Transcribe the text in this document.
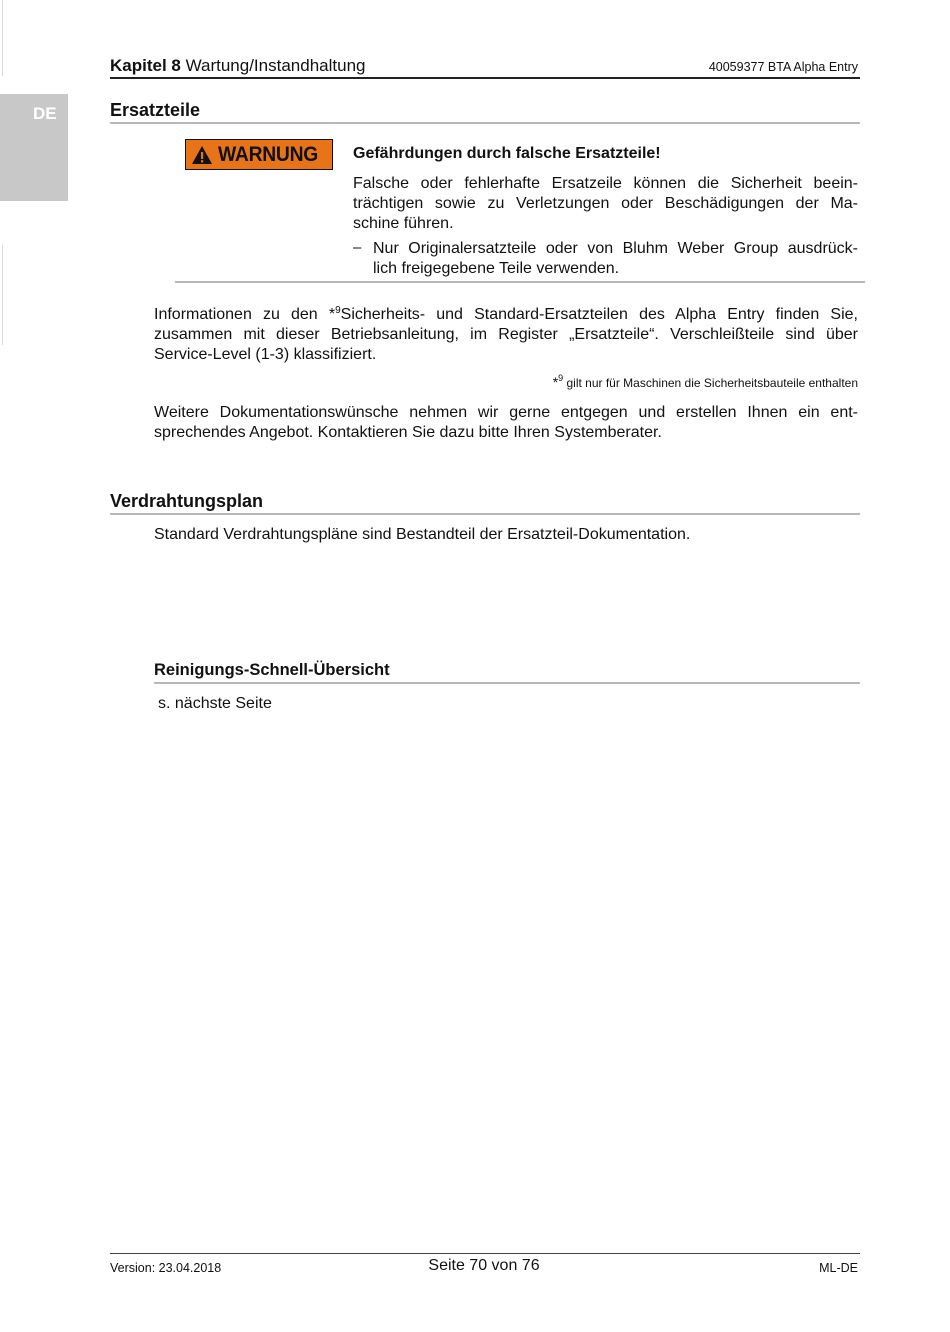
DE
Kapitel 8 Wartung/Instandhaltung	40059377 BTA Alpha Entry
Ersatzteile
WARNUNG Gefährdungen durch falsche Ersatzteile!
Falsche oder fehlerhafte Ersatzeile können die Sicherheit beein-
trächtigen sowie zu Verletzungen oder Beschädigungen der Ma-
schine führen.
– Nur Originalersatzteile oder von Bluhm Weber Group ausdrück-
lich freigegebene Teile verwenden.
Informationen zu den *$^9$Sicherheits- und Standard-Ersatzteilen des Alpha Entry finden Sie,
zusammen mit dieser Betriebsanleitung, im Register „Ersatzteile“. Verschleißteile sind über
Service-Level (1-3) klassifiziert.
*$^9$ gilt nur für Maschinen die Sicherheitsbauteile enthalten
Weitere Dokumentationswünsche nehmen wir gerne entgegen und erstellen Ihnen ein ent-
sprechendes Angebot. Kontaktieren Sie dazu bitte Ihren Systemberater.
Verdrahtungsplan
Standard Verdrahtungspläne sind Bestandteil der Ersatzteil-Dokumentation.
Reinigungs-Schnell-Übersicht
s. nächste Seite
Version: 23.04.2018	Seite 70 von 76	ML-DE
